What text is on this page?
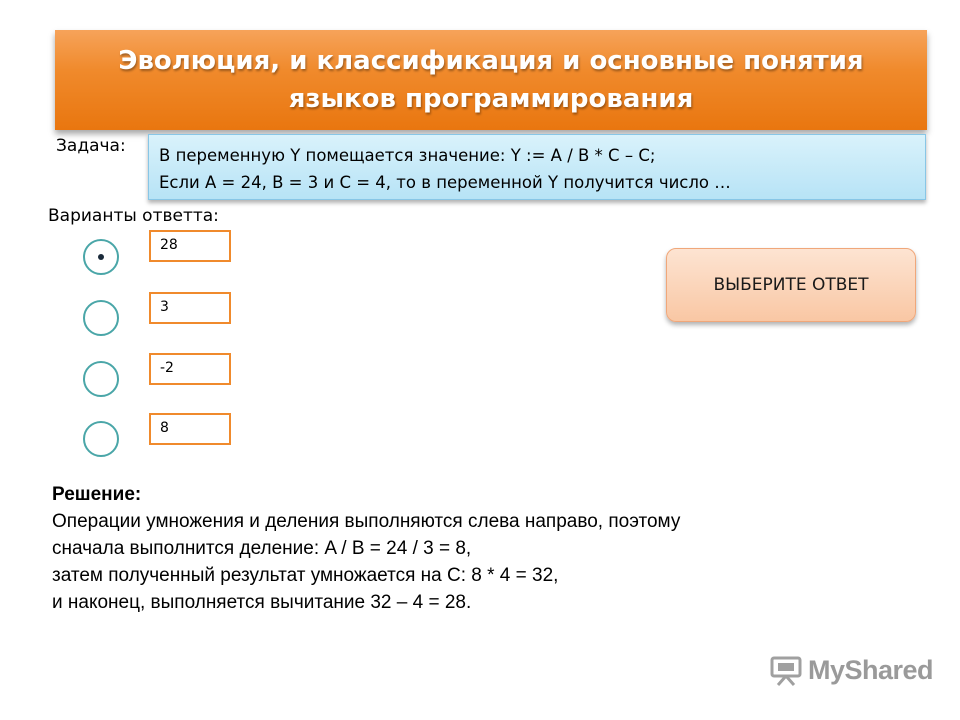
Эволюция, и классификация и основные понятия языков программирования
Задача: В переменную Y помещается значение: Y := A / B * C – C;
Если A = 24, B = 3 и C = 4, то в переменной Y получится число …
Варианты ответта:
28
3
-2
8
ВЫБЕРИТЕ ОТВЕТ
Решение:
Операции умножения и деления выполняются слева направо, поэтому
сначала выполнится деление: A / B = 24 / 3 = 8,
затем полученный результат умножается на C: 8 * 4 = 32,
и наконец, выполняется вычитание 32 – 4 = 28.
MyShared
